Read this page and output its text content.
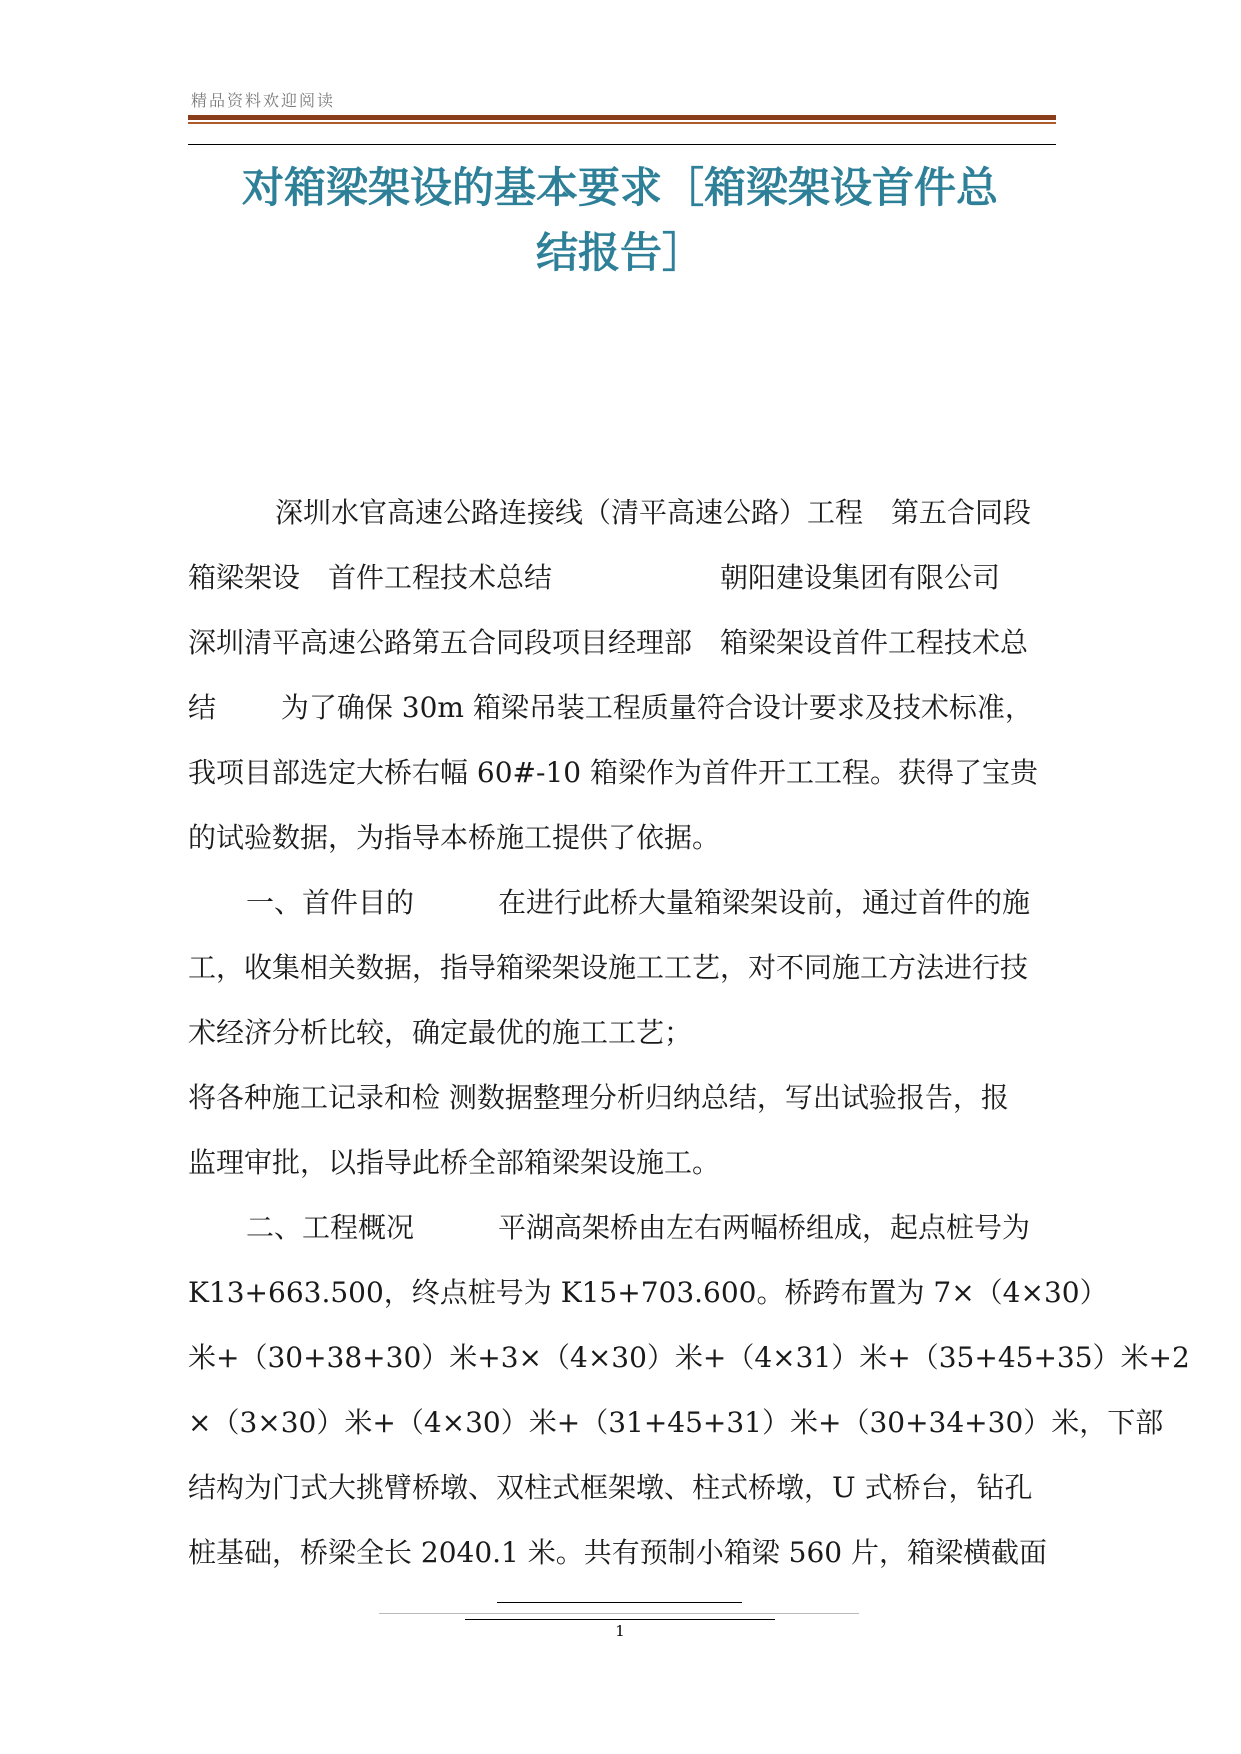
精品资料欢迎阅读
对箱梁架设的基本要求［箱梁架设首件总
结报告］
深圳水官高速公路连接线（清平高速公路）工程　第五合同段
箱梁架设　首件工程技术总结　　　　　　朝阳建设集团有限公司
深圳清平高速公路第五合同段项目经理部　箱梁架设首件工程技术总
结　　 为了确保 30m 箱梁吊装工程质量符合设计要求及技术标准，
我项目部选定大桥右幅 60#-10 箱梁作为首件开工工程。获得了宝贵
的试验数据，为指导本桥施工提供了依据。
一、首件目的　　　在进行此桥大量箱梁架设前，通过首件的施
工，收集相关数据，指导箱梁架设施工工艺，对不同施工方法进行技
术经济分析比较，确定最优的施工工艺；
将各种施工记录和检 测数据整理分析归纳总结，写出试验报告，报
监理审批，以指导此桥全部箱梁架设施工。
二、工程概况　　　平湖高架桥由左右两幅桥组成，起点桩号为
K13+663.500，终点桩号为 K15+703.600。桥跨布置为 7×（4×30）
米+（30+38+30）米+3×（4×30）米+（4×31）米+（35+45+35）米+2
×（3×30）米+（4×30）米+（31+45+31）米+（30+34+30）米，下部
结构为门式大挑臂桥墩、双柱式框架墩、柱式桥墩，U 式桥台，钻孔
桩基础，桥梁全长 2040.1 米。共有预制小箱梁 560 片，箱梁横截面
1
